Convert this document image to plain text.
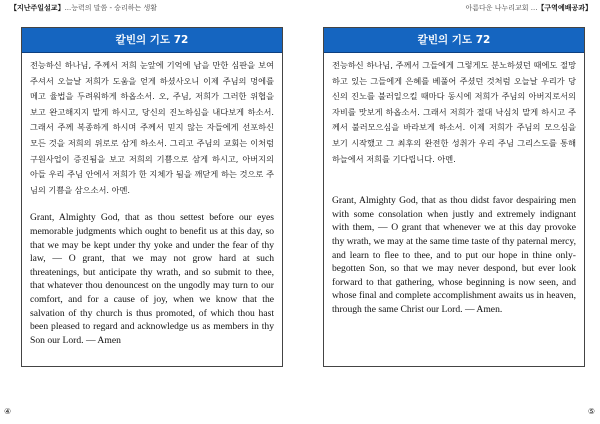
【지난주일설교】...능력의 말씀 - 승리하는 생활
칼빈의 기도 72

전능하신 하나님, 주께서 저희 눈앞에 기억에 남을 만한 심판을 보여 주셔서 오늘날 저희가 도움을 얻게 하셨사오니 이제 주님의 멍에를 메고 율법을 두려워하게 하옵소서. 오, 주님, 저희가 그러한 위협을 보고 완고해지지 말게 하시고, 당신의 진노하심을 내다보게 하소서. 그래서 주께 복종하게 하시며 주께서 믿지 않는 자들에게 선포하신 모든 것을 저희의 위로로 삼게 하소서. 그리고 주님의 교회는 이처럼 구원사업이 증진됨을 보고 저희의 기쁨으로 삼게 하시고, 아버지의 아들 우리 주님 안에서 저희가 한 지체가 됨을 깨닫게 하는 것으로 주님의 기쁨을 삼으소서. 아멘.

Grant, Almighty God, that as thou settest before our eyes memorable judgments which ought to benefit us at this day, so that we may be kept under thy yoke and under the fear of thy law, — O grant, that we may not grow hard at such threatenings, but anticipate thy wrath, and so submit to thee, that whatever thou denouncest on the ungodly may turn to our comfort, and for a cause of joy, when we know that the salvation of thy church is thus promoted, of which thou hast been pleased to regard and acknowledge us as members in thy Son our Lord. — Amen

④
아름다운 나누리교회 ...【구역예배공과】
칼빈의 기도 72

전능하신 하나님, 주께서 그들에게 그렇게도 분노하셨던 때에도 절망하고 있는 그들에게 은혜를 베풀어 주셨던 것처럼 오늘날 우리가 당신의 진노를 불러일으킬 때마다 동시에 저희가 주님의 아버지로서의 자비를 맛보게 하옵소서. 그래서 저희가 절대 낙심치 말게 하시고 주께서 불러모으심을 바라보게 하소서. 이제 저희가 주님의 모으심을 보기 시작했고 그 최후의 완전한 성취가 우리 주님 그리스도를 통해 하늘에서 저희를 기다립니다. 아멘.

Grant, Almighty God, that as thou didst favor despairing men with some consolation when justly and extremely indignant with them, — O grant that whenever we at this day provoke thy wrath, we may at the same time taste of thy paternal mercy, and learn to flee to thee, and to put our hope in thine only-begotten Son, so that we may never despond, but ever look forward to that gathering, whose beginning is now seen, and whose final and complete accomplishment awaits us in heaven, through the same Christ our Lord. — Amen.

⑤
